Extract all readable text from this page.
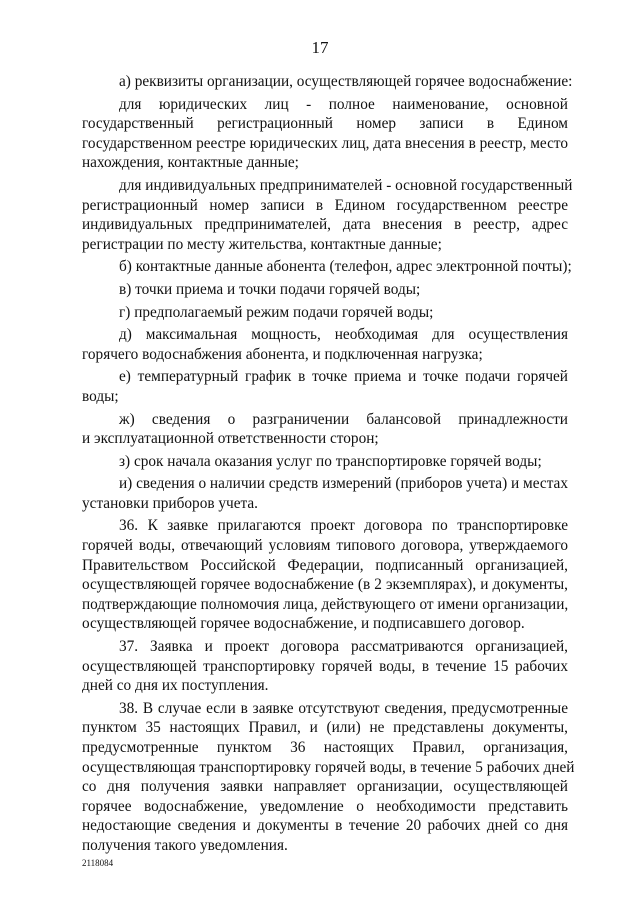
17
а) реквизиты организации, осуществляющей горячее водоснабжение:
для юридических лиц - полное наименование, основной
государственный регистрационный номер записи в Едином
государственном реестре юридических лиц, дата внесения в реестр, место
нахождения, контактные данные;
для индивидуальных предпринимателей - основной государственный
регистрационный номер записи в Едином государственном реестре
индивидуальных предпринимателей, дата внесения в реестр, адрес
регистрации по месту жительства, контактные данные;
б) контактные данные абонента (телефон, адрес электронной почты);
в) точки приема и точки подачи горячей воды;
г) предполагаемый режим подачи горячей воды;
д) максимальная мощность, необходимая для осуществления
горячего водоснабжения абонента, и подключенная нагрузка;
е) температурный график в точке приема и точке подачи горячей
воды;
ж) сведения о разграничении балансовой принадлежности
и эксплуатационной ответственности сторон;
з) срок начала оказания услуг по транспортировке горячей воды;
и) сведения о наличии средств измерений (приборов учета) и местах
установки приборов учета.
36. К заявке прилагаются проект договора по транспортировке
горячей воды, отвечающий условиям типового договора, утверждаемого
Правительством Российской Федерации, подписанный организацией,
осуществляющей горячее водоснабжение (в 2 экземплярах), и документы,
подтверждающие полномочия лица, действующего от имени организации,
осуществляющей горячее водоснабжение, и подписавшего договор.
37. Заявка и проект договора рассматриваются организацией,
осуществляющей транспортировку горячей воды, в течение 15 рабочих
дней со дня их поступления.
38. В случае если в заявке отсутствуют сведения, предусмотренные
пунктом 35 настоящих Правил, и (или) не представлены документы,
предусмотренные пунктом 36 настоящих Правил, организация,
осуществляющая транспортировку горячей воды, в течение 5 рабочих дней
со дня получения заявки направляет организации, осуществляющей
горячее водоснабжение, уведомление о необходимости представить
недостающие сведения и документы в течение 20 рабочих дней со дня
получения такого уведомления.
2118084
